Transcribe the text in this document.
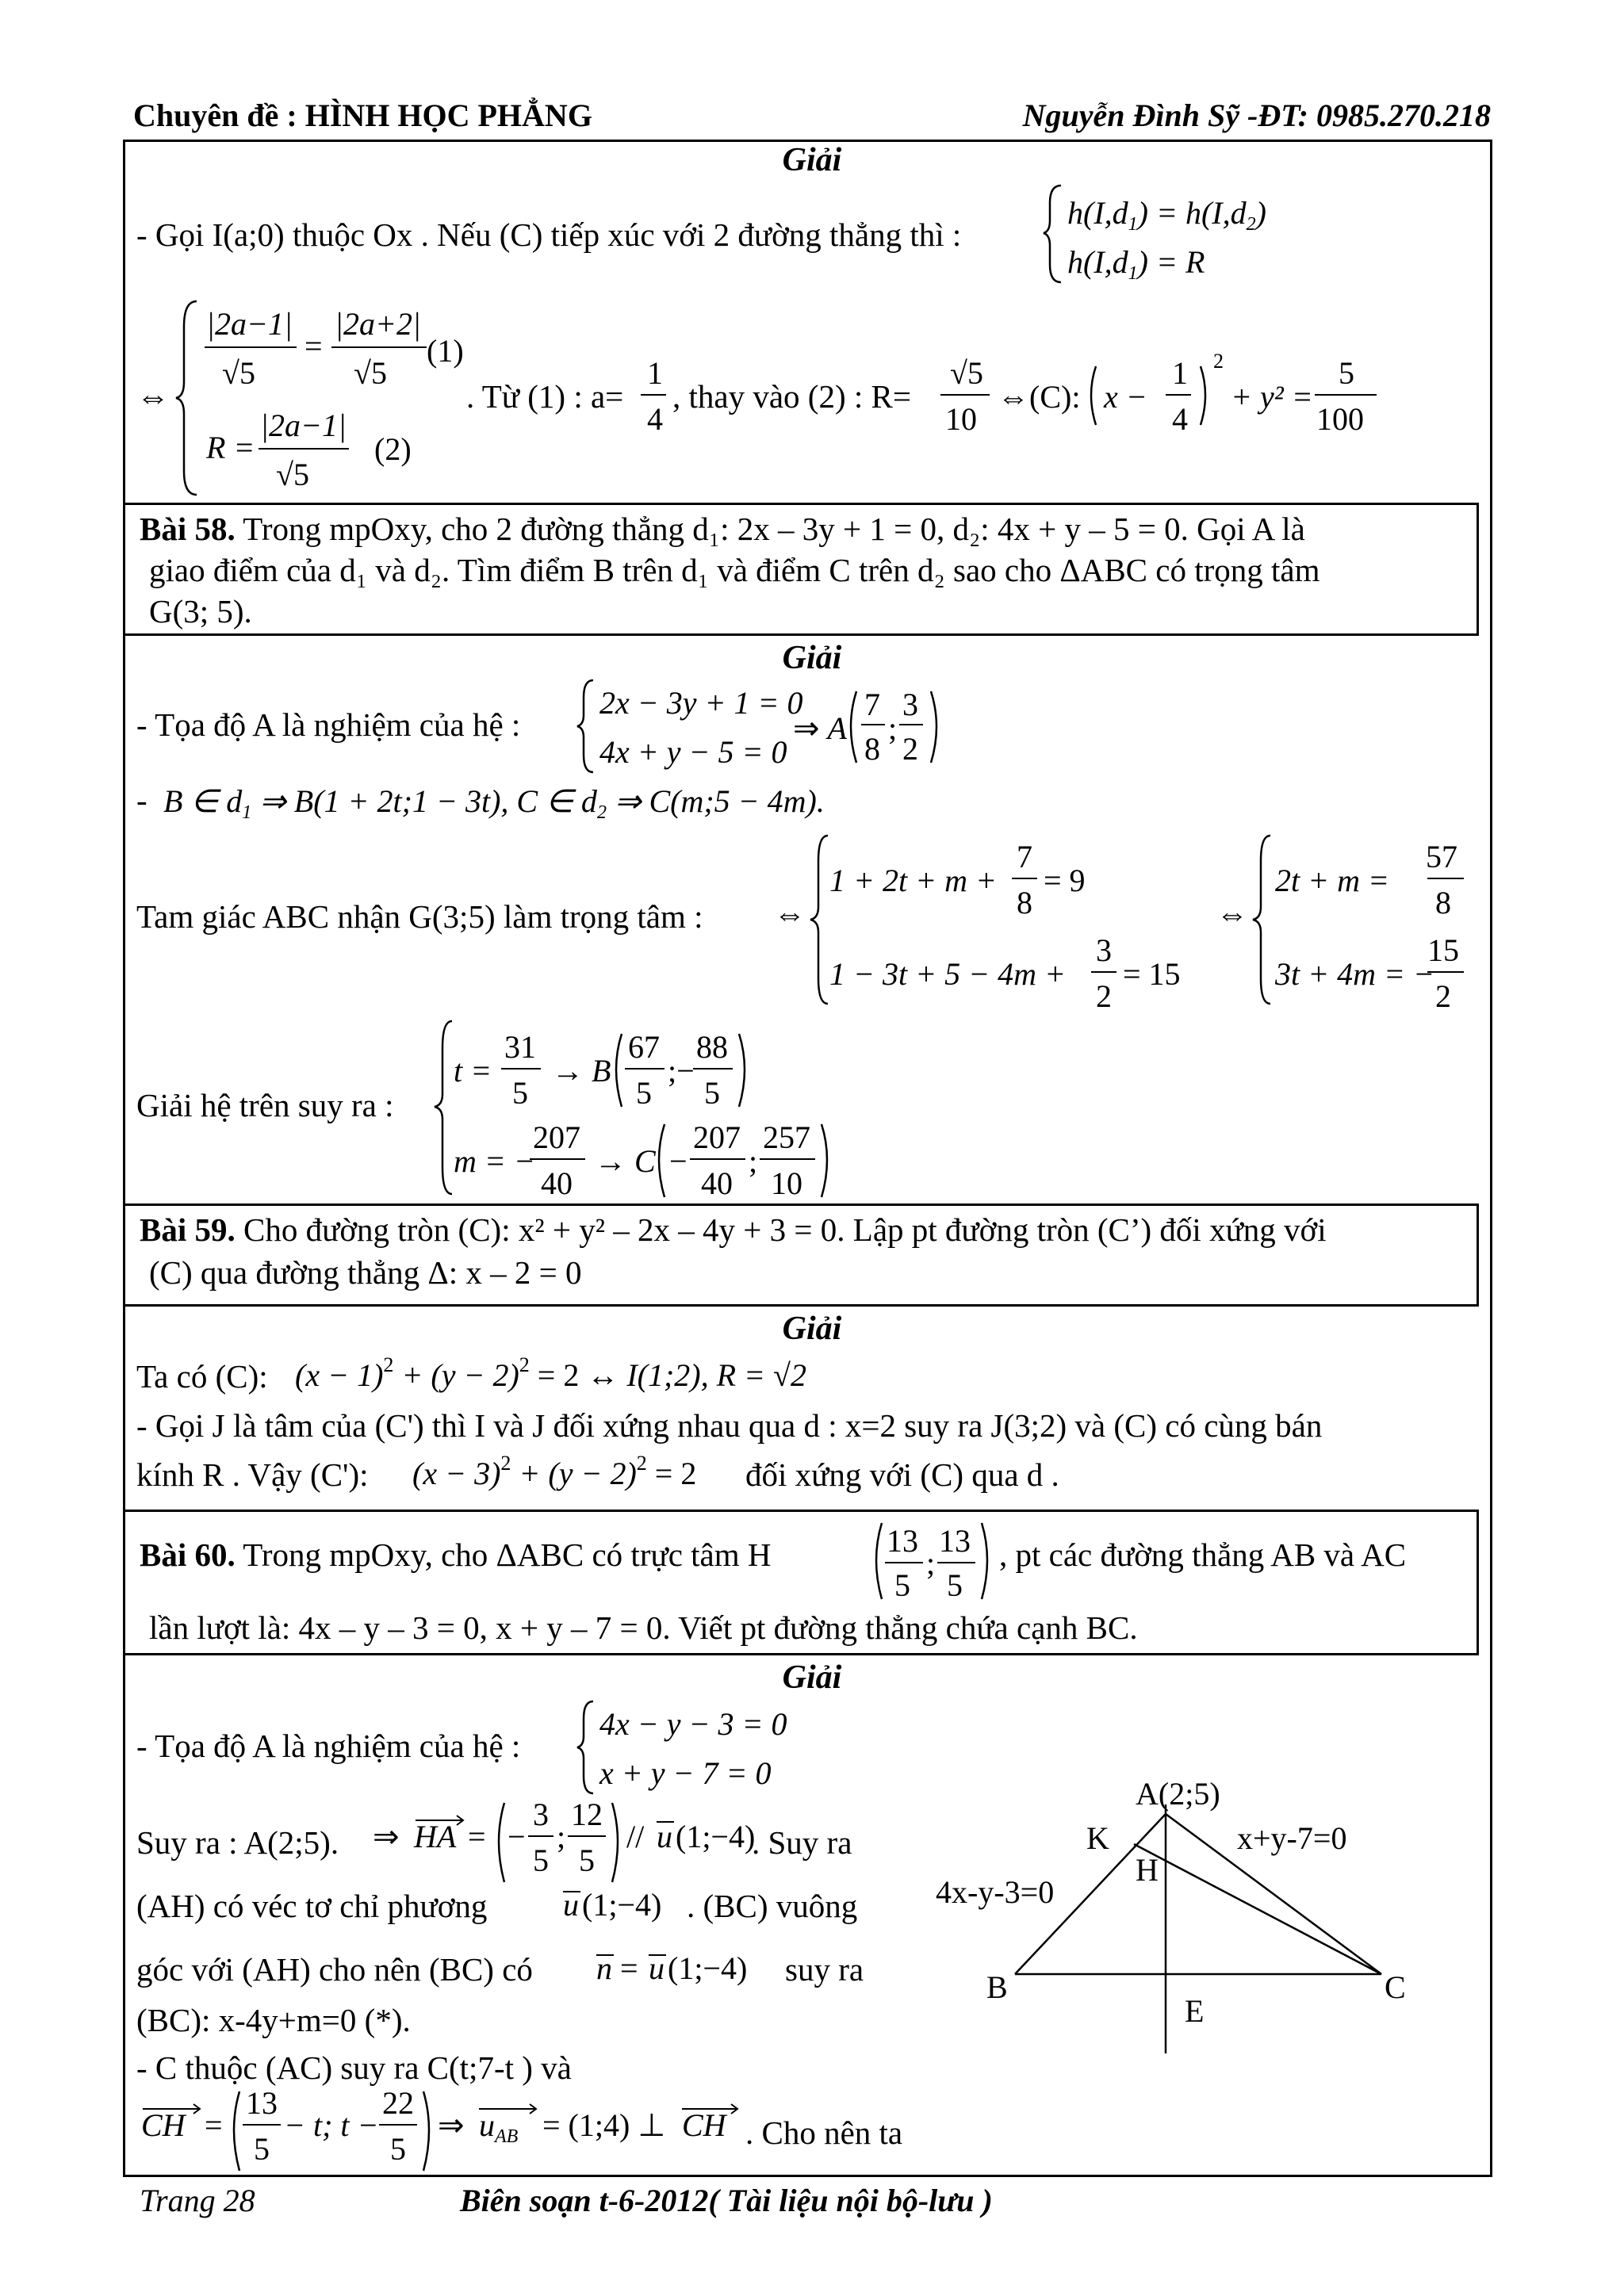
Chuyên đề : HÌNH HỌC PHẲNG	Nguyễn Đình Sỹ -ĐT: 0985.270.218
Giải
- Gọi I(a;0) thuộc Ox . Nếu (C) tiếp xúc với 2 đường thẳng thì :
$h(I,d_1) = h(I,d_2)$
$h(I,d_1) = R$
⇔
|2a−1|
√5
=
|2a+2|
√5
(1)
R =
|2a−1|
√5
(2)
. Từ (1) : a=
1
4
, thay vào (2) : R=
√5
10
⇔(C): x −
1
4
2
+ y² =
5
100
Bài 58. Trong mpOxy, cho 2 đường thẳng d₁: 2x – 3y + 1 = 0, d₂: 4x + y – 5 = 0. Gọi A là
giao điểm của d₁ và d₂. Tìm điểm B trên d₁ và điểm C trên d₂ sao cho ΔABC có trọng tâm
G(3; 5).
Giải
- Tọa độ A là nghiệm của hệ :
2x − 3y + 1 = 0
4x + y − 5 = 0
⇒ A
7
8
;
3
2
- B ∈ $d_1$ ⇒ B(1 + 2t;1 − 3t), C ∈ $d_2$ ⇒ C(m;5 − 4m).
Tam giác ABC nhận G(3;5) làm trọng tâm : ⇔
1 + 2t + m +
7
8
= 9
1 − 3t + 5 − 4m +
3
2
= 15
⇔
2t + m =
57
3t + 4m = −
8
15
2
Giải hệ trên suy ra :
t =
31
5
→ B
67
5
;−
88
5
m = −
207
40
→ C −
207
40
;
257
10
Bài 59. Cho đường tròn (C): x² + y² – 2x – 4y + 3 = 0. Lập pt đường tròn (C’) đối xứng với
(C) qua đường thẳng Δ: x – 2 = 0
Giải
Ta có (C): $(x - 1)^2 + (y - 2)^2 = 2$ ↔ I(1;2), R = √2
- Gọi J là tâm của (C') thì I và J đối xứng nhau qua d : x=2 suy ra J(3;2) và (C) có cùng bán
kính R . Vậy (C'): $(x - 3)^2 + (y - 2)^2 = 2$ đối xứng với (C) qua d .
Bài 60. Trong mpOxy, cho ΔABC có trực tâm H	13
5
;
13
5
, pt các đường thẳng AB và AC
lần lượt là: 4x – y – 3 = 0, x + y – 7 = 0. Viết pt đường thẳng chứa cạnh BC.
Giải
- Tọa độ A là nghiệm của hệ :
4x − y − 3 = 0
x + y − 7 = 0
Suy ra : A(2;5). ⇒ HA = −
3
5
;
12
5
// u (1;−4)
. Suy ra
(AH) có véc tơ chỉ phương u (1;−4) . (BC) vuông
góc với (AH) cho nên (BC) có n = u (1;−4) suy ra
(BC): x-4y+m=0 (*).
- C thuộc (AC) suy ra C(t;7-t ) và
CH =
13
5
− t; t −
22
5
⇒ $u_{AB}$ = (1;4) ⊥ CH . Cho nên ta
A(2;5)
K
H
x+y-7=0
4x-y-3=0
B	C
E
Trang 28	Biên soạn t-6-2012( Tài liệu nội bộ-lưu )
